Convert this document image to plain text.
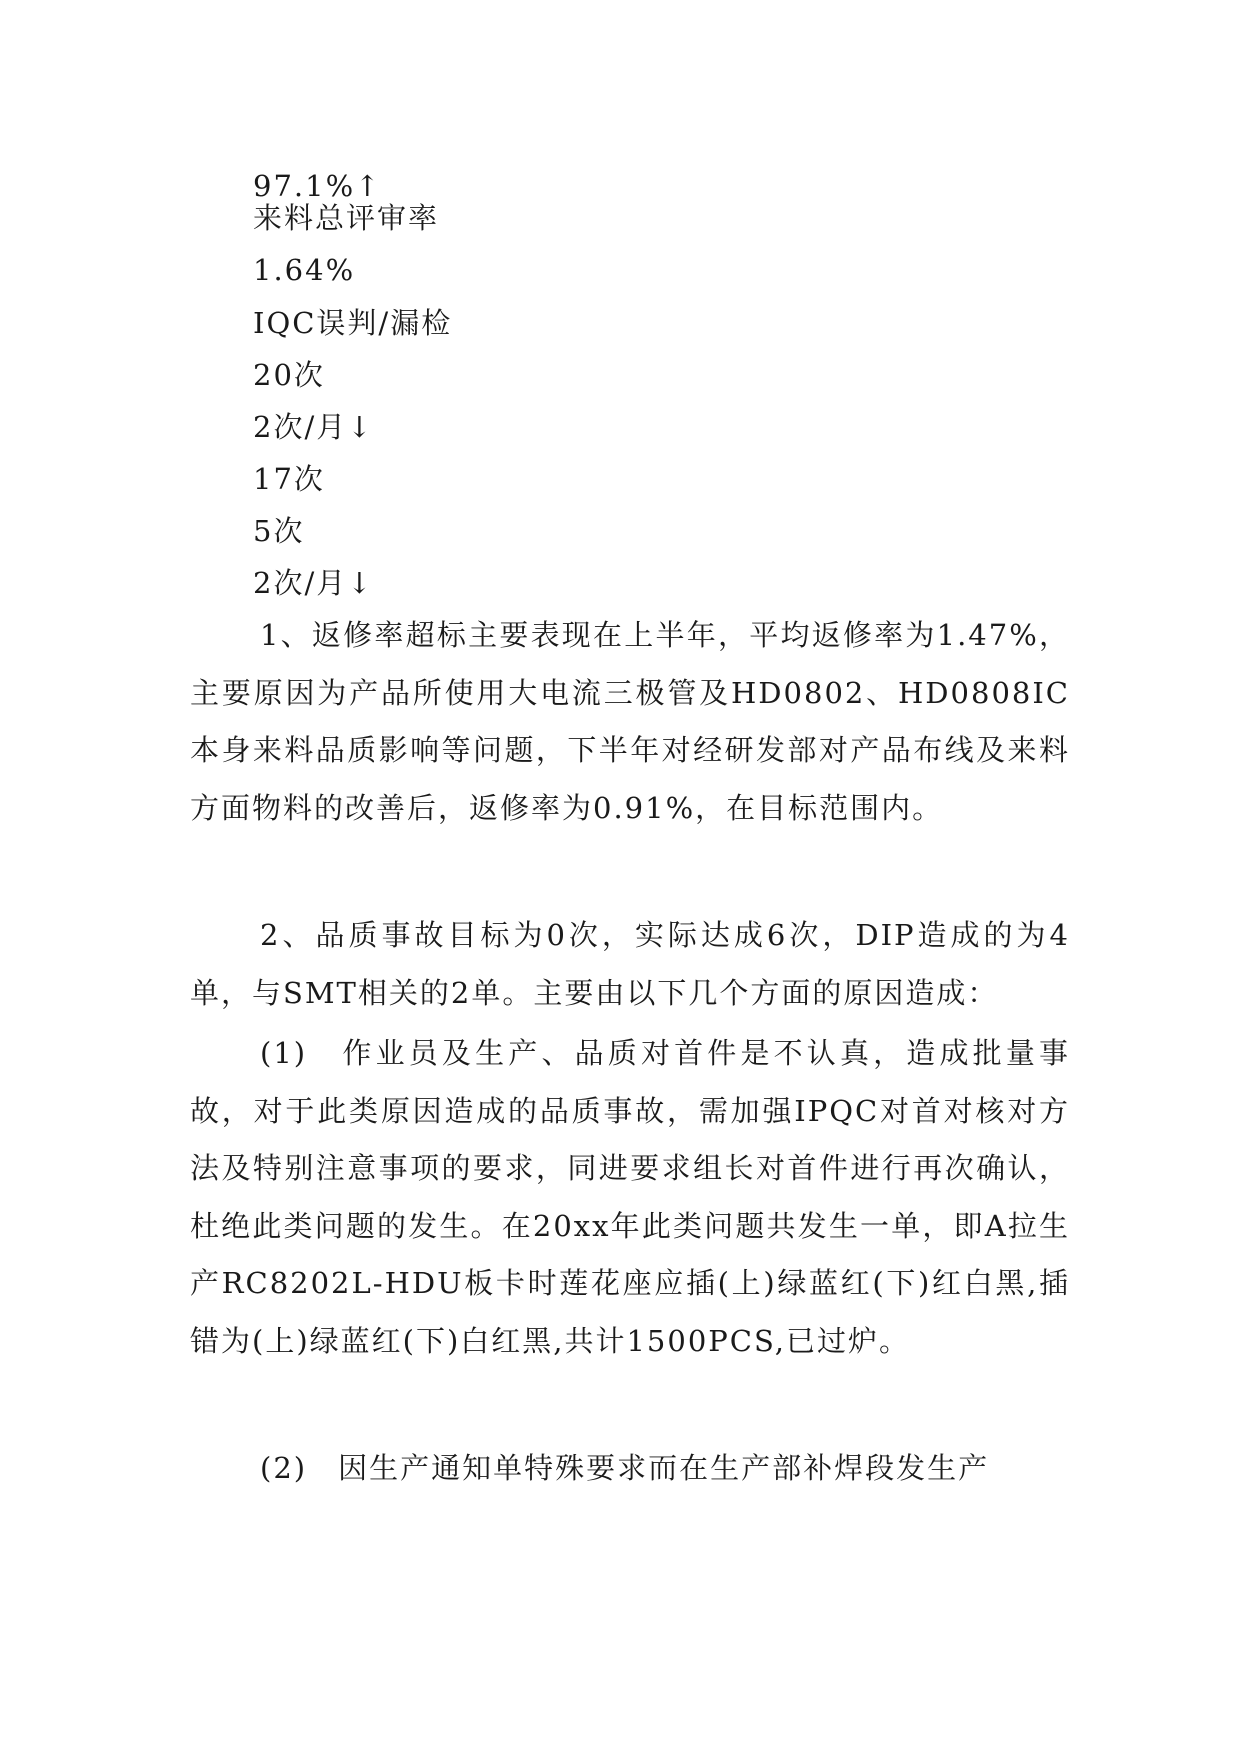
97.1%↑
来料总评审率
1.64%
IQC误判/漏检
20次
2次/月↓
17次
5次
2次/月↓

1、返修率超标主要表现在上半年，平均返修率为1.47%，主要原因为产品所使用大电流三极管及HD0802、HD0808IC本身来料品质影响等问题，下半年对经研发部对产品布线及来料方面物料的改善后，返修率为0.91%，在目标范围内。

2、品质事故目标为0次，实际达成6次，DIP造成的为4单，与SMT相关的2单。主要由以下几个方面的原因造成：

(1)　作业员及生产、品质对首件是不认真，造成批量事故，对于此类原因造成的品质事故，需加强IPQC对首对核对方法及特别注意事项的要求，同进要求组长对首件进行再次确认，杜绝此类问题的发生。在20xx年此类问题共发生一单，即A拉生产RC8202L-HDU板卡时莲花座应插(上)绿蓝红(下)红白黑,插错为(上)绿蓝红(下)白红黑,共计1500PCS,已过炉。

(2)　因生产通知单特殊要求而在生产部补焊段发生产
